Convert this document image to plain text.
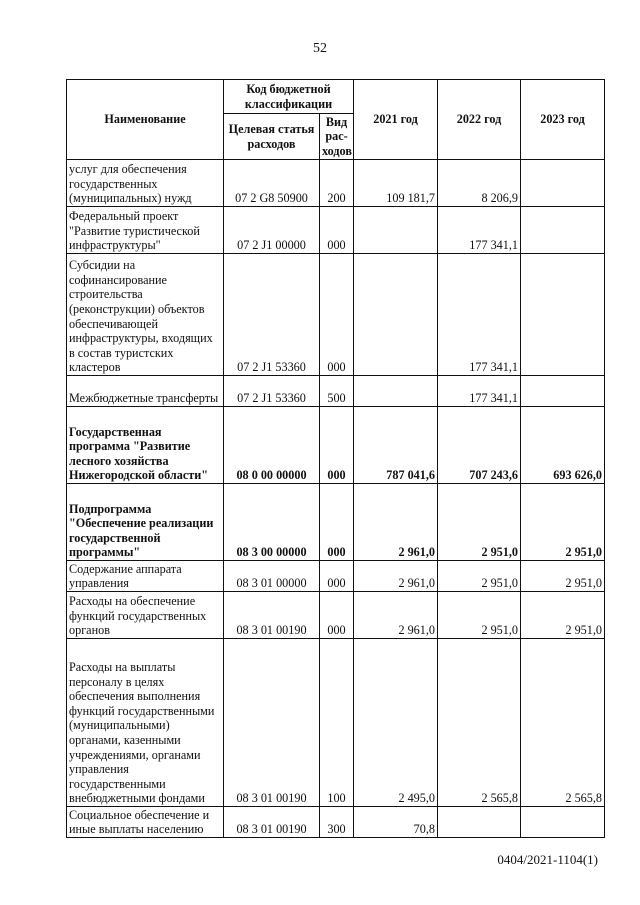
52
Наименование	Код бюджетной классификации		2021 год	2022 год	2023 год
	Целевая статья расходов	Вид рас- ходов			
услуг для обеспечения государственных (муниципальных) нужд	07 2 G8 50900	200	109 181,7	8 206,9	
Федеральный проект "Развитие туристической инфраструктуры"	07 2 J1 00000	000		177 341,1	
Субсидии на софинансирование строительства (реконструкции) объектов обеспечивающей инфраструктуры, входящих в состав туристских кластеров	07 2 J1 53360	000		177 341,1	
Межбюджетные трансферты	07 2 J1 53360	500		177 341,1	
Государственная программа "Развитие лесного хозяйства Нижегородской области"	08 0 00 00000	000	787 041,6	707 243,6	693 626,0
Подпрограмма "Обеспечение реализации государственной программы"	08 3 00 00000	000	2 961,0	2 951,0	2 951,0
Содержание аппарата управления	08 3 01 00000	000	2 961,0	2 951,0	2 951,0
Расходы на обеспечение функций государственных органов	08 3 01 00190	000	2 961,0	2 951,0	2 951,0
Расходы на выплаты персоналу в целях обеспечения выполнения функций государственными (муниципальными) органами, казенными учреждениями, органами управления государственными внебюджетными фондами	08 3 01 00190	100	2 495,0	2 565,8	2 565,8
Социальное обеспечение и иные выплаты населению	08 3 01 00190	300	70,8		
0404/2021-1104(1)
